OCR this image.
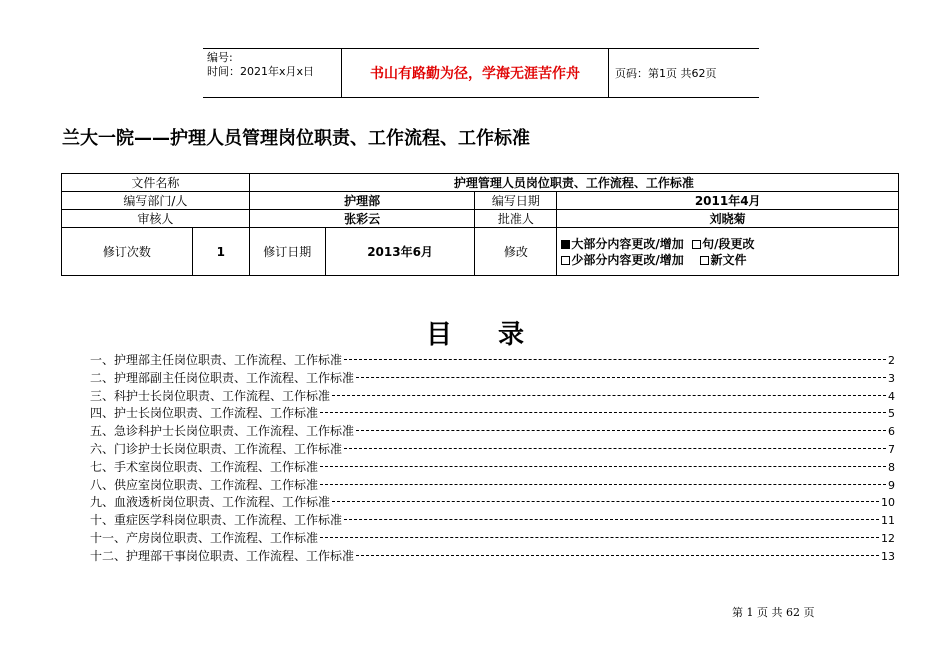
编号:
时间：2021年x月x日	书山有路勤为径，学海无涯苦作舟	页码：第1页 共62页
兰大一院——护理人员管理岗位职责、工作流程、工作标准
文件名称		护理管理人员岗位职责、工作流程、工作标准			
编写部门/人		护理部		编写日期	2011年4月
审核人		张彩云		批准人	刘晓菊
修订次数	1	修订日期	2013年6月	修改	大部分内容更改/增加 句/段更改
少部分内容更改/增加 新文件
目录
一、护理部主任岗位职责、工作流程、工作标准	2
二、护理部副主任岗位职责、工作流程、工作标准	3
三、科护士长岗位职责、工作流程、工作标准	4
四、护士长岗位职责、工作流程、工作标准	5
五、急诊科护士长岗位职责、工作流程、工作标准	6
六、门诊护士长岗位职责、工作流程、工作标准	7
七、手术室岗位职责、工作流程、工作标准	8
八、供应室岗位职责、工作流程、工作标准	9
九、血液透析岗位职责、工作流程、工作标准	10
十、重症医学科岗位职责、工作流程、工作标准	11
十一、产房岗位职责、工作流程、工作标准	12
十二、护理部干事岗位职责、工作流程、工作标准	13
第 1 页 共 62 页
